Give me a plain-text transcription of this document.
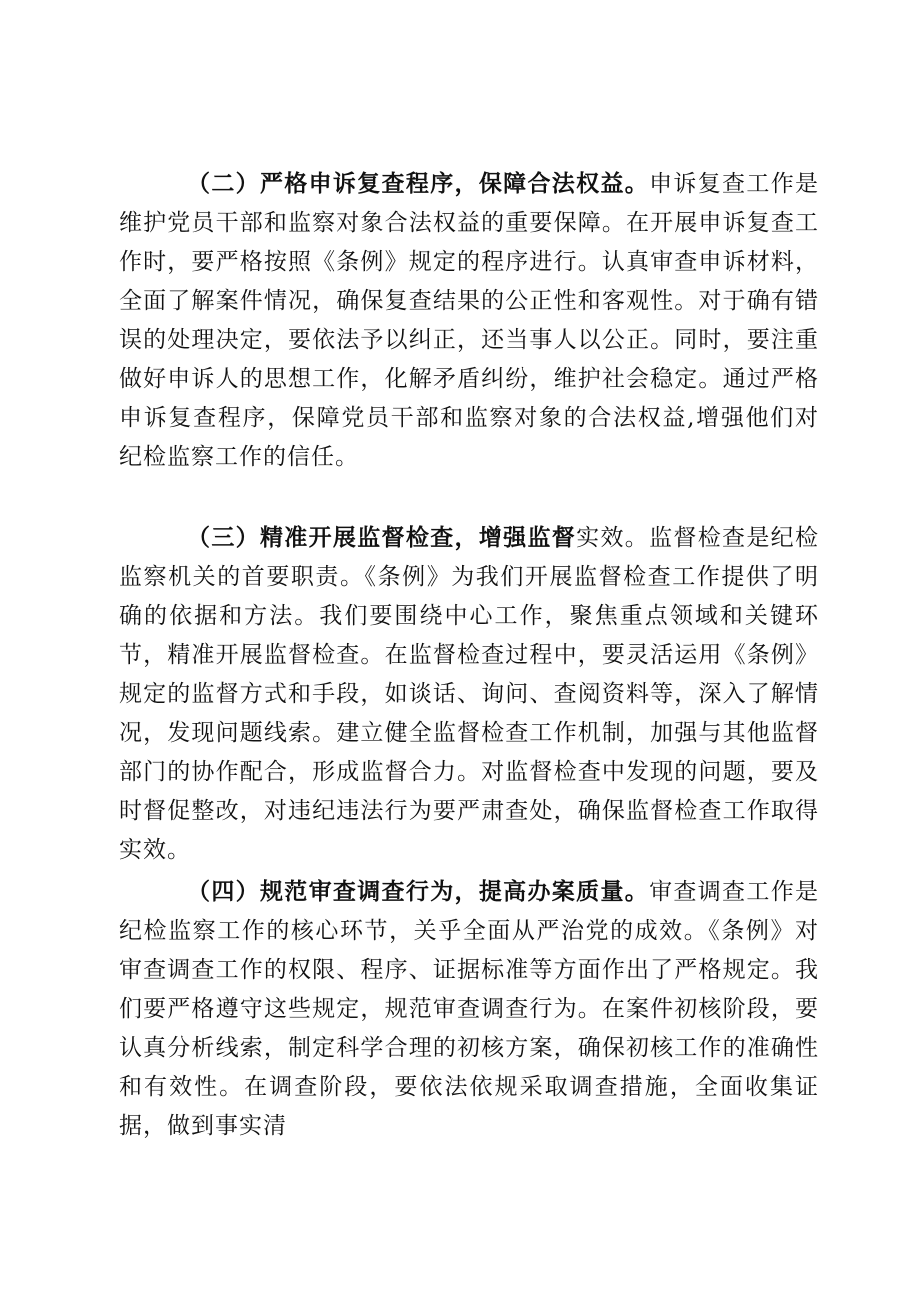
（二）严格申诉复查程序，保障合法权益。申诉复查工作是维护党员干部和监察对象合法权益的重要保障。在开展申诉复查工作时，要严格按照《条例》规定的程序进行。认真审查申诉材料，全面了解案件情况，确保复查结果的公正性和客观性。对于确有错误的处理决定，要依法予以纠正，还当事人以公正。同时，要注重做好申诉人的思想工作，化解矛盾纠纷，维护社会稳定。通过严格申诉复查程序，保障党员干部和监察对象的合法权益,增强他们对纪检监察工作的信任。

（三）精准开展监督检查，增强监督实效。监督检查是纪检监察机关的首要职责。《条例》为我们开展监督检查工作提供了明确的依据和方法。我们要围绕中心工作，聚焦重点领域和关键环节，精准开展监督检查。在监督检查过程中，要灵活运用《条例》规定的监督方式和手段，如谈话、询问、查阅资料等，深入了解情况，发现问题线索。建立健全监督检查工作机制，加强与其他监督部门的协作配合，形成监督合力。对监督检查中发现的问题，要及时督促整改，对违纪违法行为要严肃查处，确保监督检查工作取得实效。

（四）规范审查调查行为，提高办案质量。审查调查工作是纪检监察工作的核心环节，关乎全面从严治党的成效。《条例》对审查调查工作的权限、程序、证据标准等方面作出了严格规定。我们要严格遵守这些规定，规范审查调查行为。在案件初核阶段，要认真分析线索，制定科学合理的初核方案，确保初核工作的准确性和有效性。在调查阶段，要依法依规采取调查措施，全面收集证据，做到事实清
